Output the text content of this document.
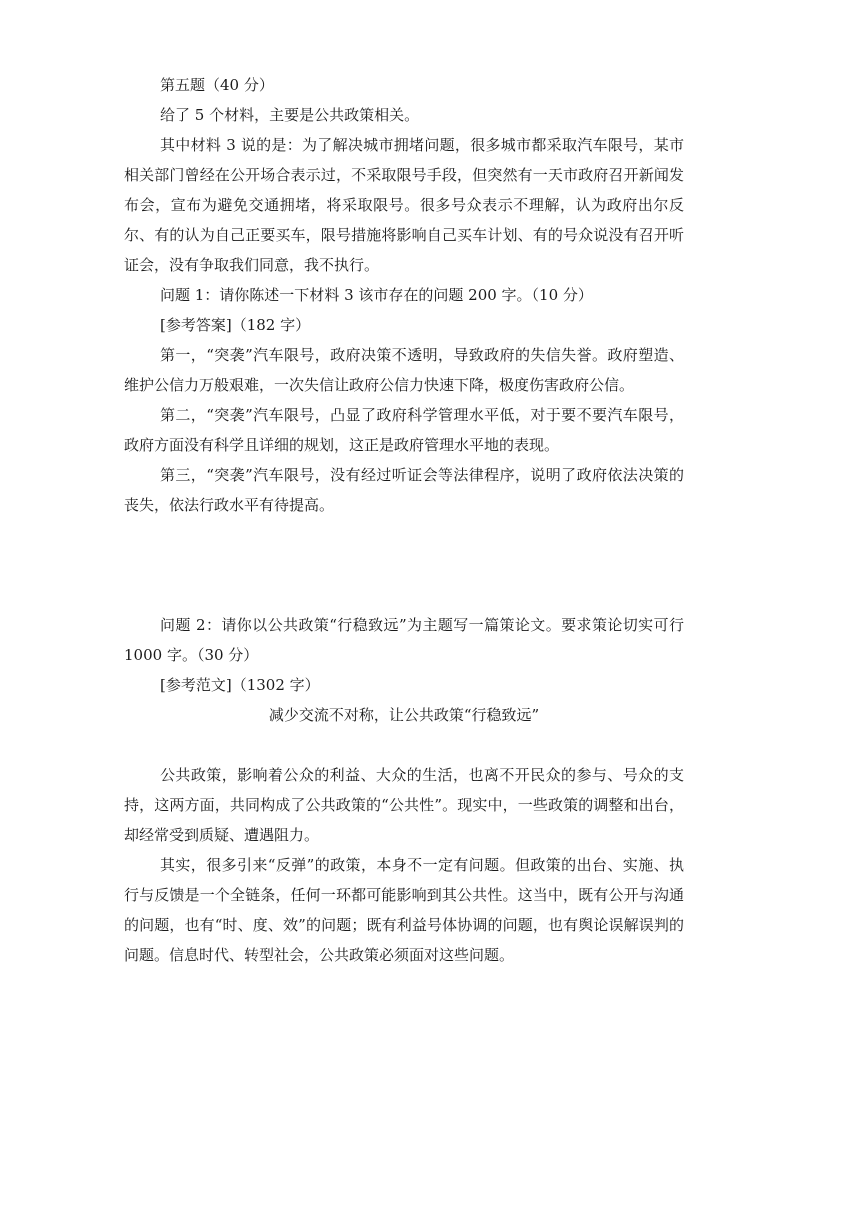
第五题（40 分）

给了 5 个材料，主要是公共政策相关。

其中材料 3 说的是：为了解决城市拥堵问题，很多城市都采取汽车限号，某市相关部门曾经在公开场合表示过，不采取限号手段，但突然有一天市政府召开新闻发布会，宣布为避免交通拥堵，将采取限号。很多号众表示不理解，认为政府出尔反尔、有的认为自己正要买车，限号措施将影响自己买车计划、有的号众说没有召开听证会，没有争取我们同意，我不执行。

问题 1：请你陈述一下材料 3 该市存在的问题 200 字。（10 分）

[参考答案]（182 字）

第一，“突袭”汽车限号，政府决策不透明，导致政府的失信失誉。政府塑造、维护公信力万般艰难，一次失信让政府公信力快速下降，极度伤害政府公信。

第二，“突袭”汽车限号，凸显了政府科学管理水平低，对于要不要汽车限号，政府方面没有科学且详细的规划，这正是政府管理水平地的表现。

第三，“突袭”汽车限号，没有经过听证会等法律程序，说明了政府依法决策的丧失，依法行政水平有待提高。

问题 2：请你以公共政策“行稳致远”为主题写一篇策论文。要求策论切实可行　1000 字。（30 分）

[参考范文]（1302 字）

减少交流不对称，让公共政策“行稳致远”

公共政策，影响着公众的利益、大众的生活，也离不开民众的参与、号众的支持，这两方面，共同构成了公共政策的“公共性”。现实中，一些政策的调整和出台，却经常受到质疑、遭遇阻力。

其实，很多引来“反弹”的政策，本身不一定有问题。但政策的出台、实施、执行与反馈是一个全链条，任何一环都可能影响到其公共性。这当中，既有公开与沟通的问题，也有“时、度、效”的问题；既有利益号体协调的问题，也有舆论误解误判的问题。信息时代、转型社会，公共政策必须面对这些问题。
